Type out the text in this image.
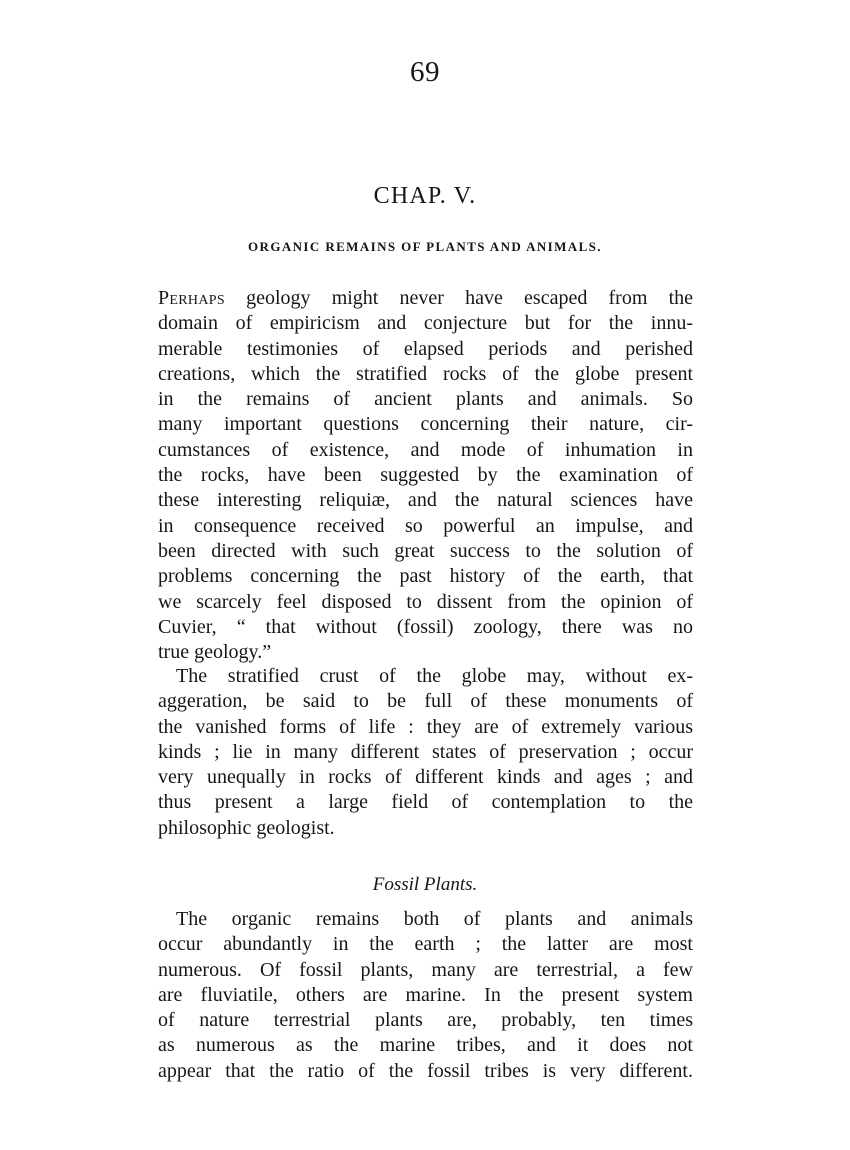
69
CHAP. V.
ORGANIC REMAINS OF PLANTS AND ANIMALS.
Perhaps geology might never have escaped from the
domain of empiricism and conjecture but for the innu-
merable testimonies of elapsed periods and perished
creations, which the stratified rocks of the globe present
in the remains of ancient plants and animals. So
many important questions concerning their nature, cir-
cumstances of existence, and mode of inhumation in
the rocks, have been suggested by the examination of
these interesting reliquiæ, and the natural sciences have
in consequence received so powerful an impulse, and
been directed with such great success to the solution of
problems concerning the past history of the earth, that
we scarcely feel disposed to dissent from the opinion of
Cuvier, “ that without (fossil) zoology, there was no
true geology.”
The stratified crust of the globe may, without ex-
aggeration, be said to be full of these monuments of
the vanished forms of life : they are of extremely various
kinds ; lie in many different states of preservation ; occur
very unequally in rocks of different kinds and ages ; and
thus present a large field of contemplation to the
philosophic geologist.
Fossil Plants.
The organic remains both of plants and animals
occur abundantly in the earth ; the latter are most
numerous. Of fossil plants, many are terrestrial, a few
are fluviatile, others are marine. In the present system
of nature terrestrial plants are, probably, ten times
as numerous as the marine tribes, and it does not
appear that the ratio of the fossil tribes is very different.
